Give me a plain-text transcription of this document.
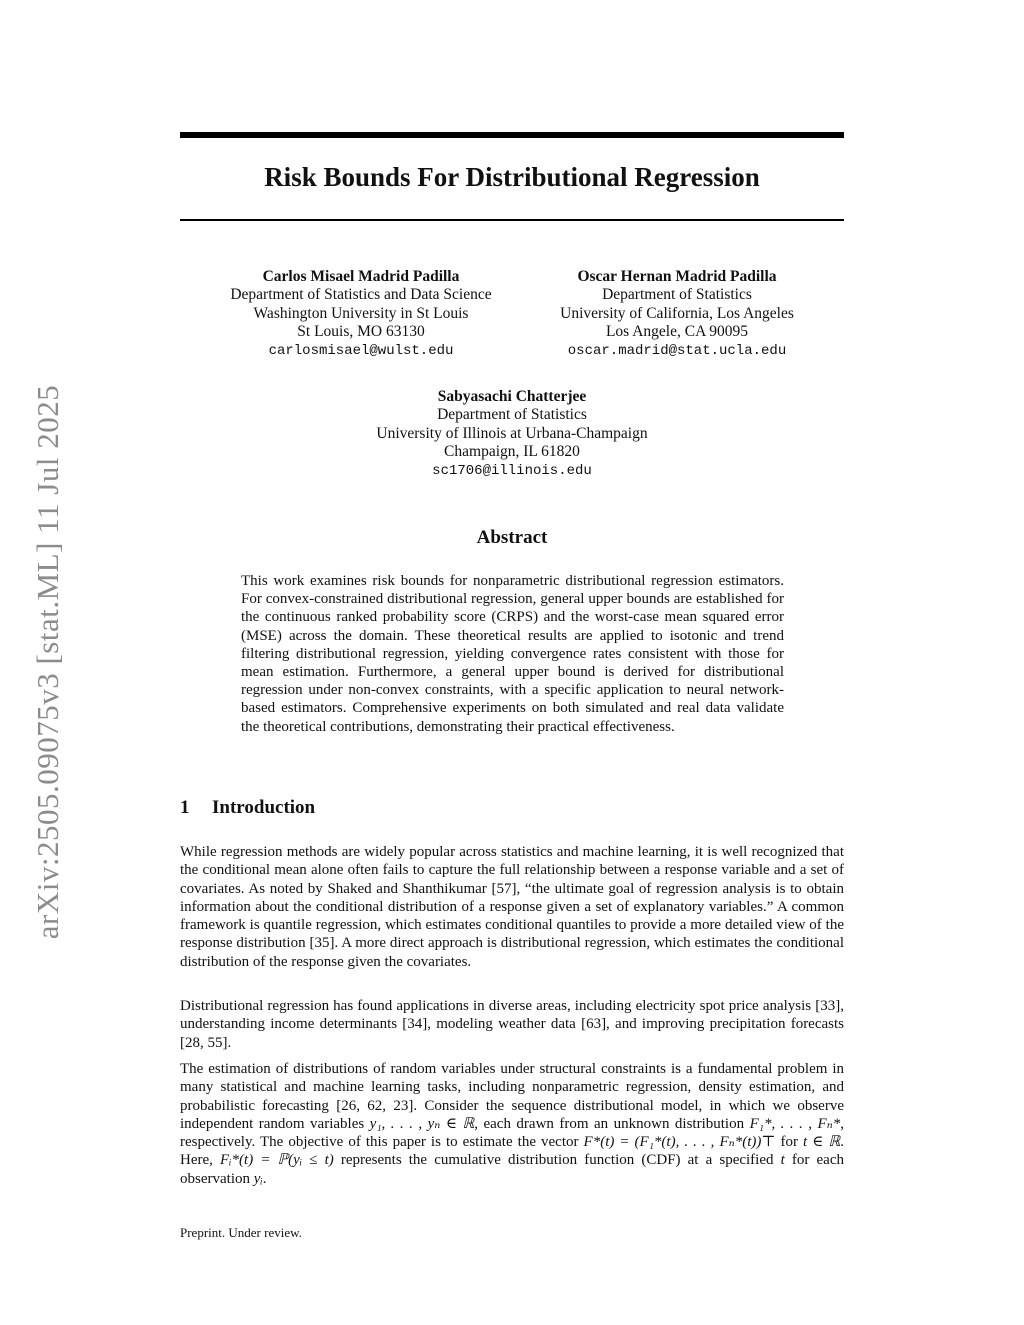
arXiv:2505.09075v3 [stat.ML] 11 Jul 2025
Risk Bounds For Distributional Regression
Carlos Misael Madrid Padilla
Department of Statistics and Data Science
Washington University in St Louis
St Louis, MO 63130
carlosmisael@wulst.edu
Oscar Hernan Madrid Padilla
Department of Statistics
University of California, Los Angeles
Los Angele, CA 90095
oscar.madrid@stat.ucla.edu
Sabyasachi Chatterjee
Department of Statistics
University of Illinois at Urbana-Champaign
Champaign, IL 61820
sc1706@illinois.edu
Abstract

This work examines risk bounds for nonparametric distributional regression estimators. For convex-constrained distributional regression, general upper bounds are established for the continuous ranked probability score (CRPS) and the worst-case mean squared error (MSE) across the domain. These theoretical results are applied to isotonic and trend filtering distributional regression, yielding convergence rates consistent with those for mean estimation. Furthermore, a general upper bound is derived for distributional regression under non-convex constraints, with a specific application to neural network-based estimators. Comprehensive experiments on both simulated and real data validate the theoretical contributions, demonstrating their practical effectiveness.

1 Introduction

While regression methods are widely popular across statistics and machine learning, it is well recognized that the conditional mean alone often fails to capture the full relationship between a response variable and a set of covariates. As noted by Shaked and Shanthikumar [57], “the ultimate goal of regression analysis is to obtain information about the conditional distribution of a response given a set of explanatory variables.” A common framework is quantile regression, which estimates conditional quantiles to provide a more detailed view of the response distribution [35]. A more direct approach is distributional regression, which estimates the conditional distribution of the response given the covariates.

Distributional regression has found applications in diverse areas, including electricity spot price analysis [33], understanding income determinants [34], modeling weather data [63], and improving precipitation forecasts [28, 55].

The estimation of distributions of random variables under structural constraints is a fundamental problem in many statistical and machine learning tasks, including nonparametric regression, density estimation, and probabilistic forecasting [26, 62, 23]. Consider the sequence distributional model, in which we observe independent random variables y₁, . . . , yₙ ∈ ℝ, each drawn from an unknown distribution F₁*, . . . , Fₙ*, respectively. The objective of this paper is to estimate the vector F*(t) = (F₁*(t), . . . , Fₙ*(t))⊤ for t ∈ ℝ. Here, Fᵢ*(t) = ℙ(yᵢ ≤ t) represents the cumulative distribution function (CDF) at a specified t for each observation yᵢ.

Preprint. Under review.
